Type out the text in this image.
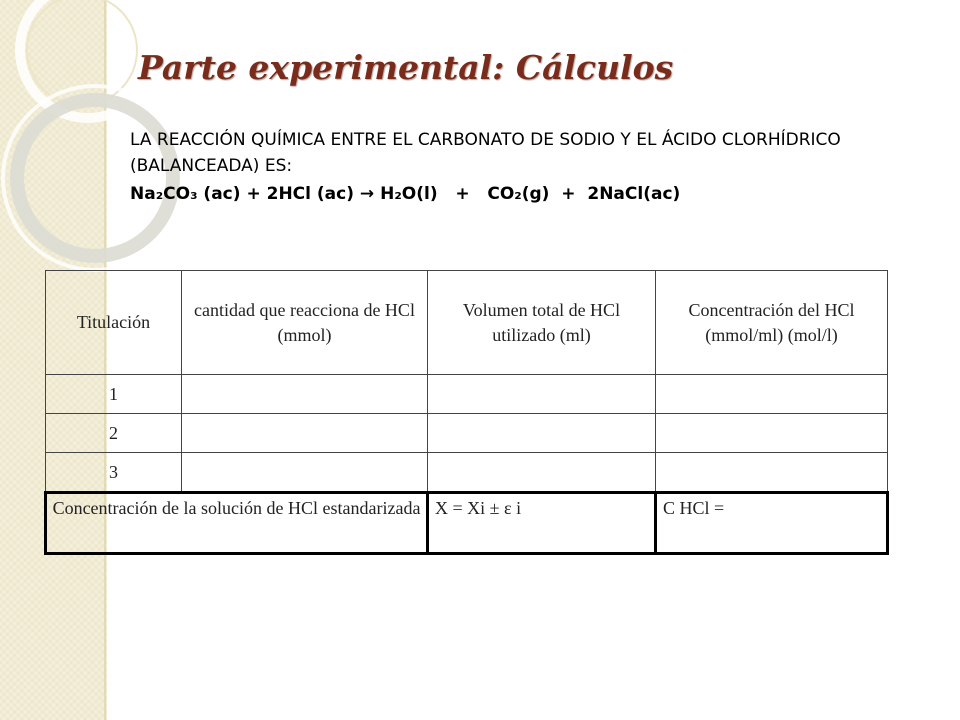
Parte experimental: Cálculos
LA REACCIÓN QUÍMICA ENTRE EL CARBONATO DE SODIO Y EL ÁCIDO CLORHÍDRICO (BALANCEADA) ES:
Na₂CO₃ (ac) + 2HCl (ac) → H₂O(l)   +   CO₂(g)  +  2NaCl(ac)
Titulación	cantidad que reacciona de HCl (mmol)	Volumen total de HCl utilizado (ml)	Concentración del HCl (mmol/ml) (mol/l)
1			
2			
3			
Concentración de la solución de HCl estandarizada		X = Xi ± ε i	C HCl =
